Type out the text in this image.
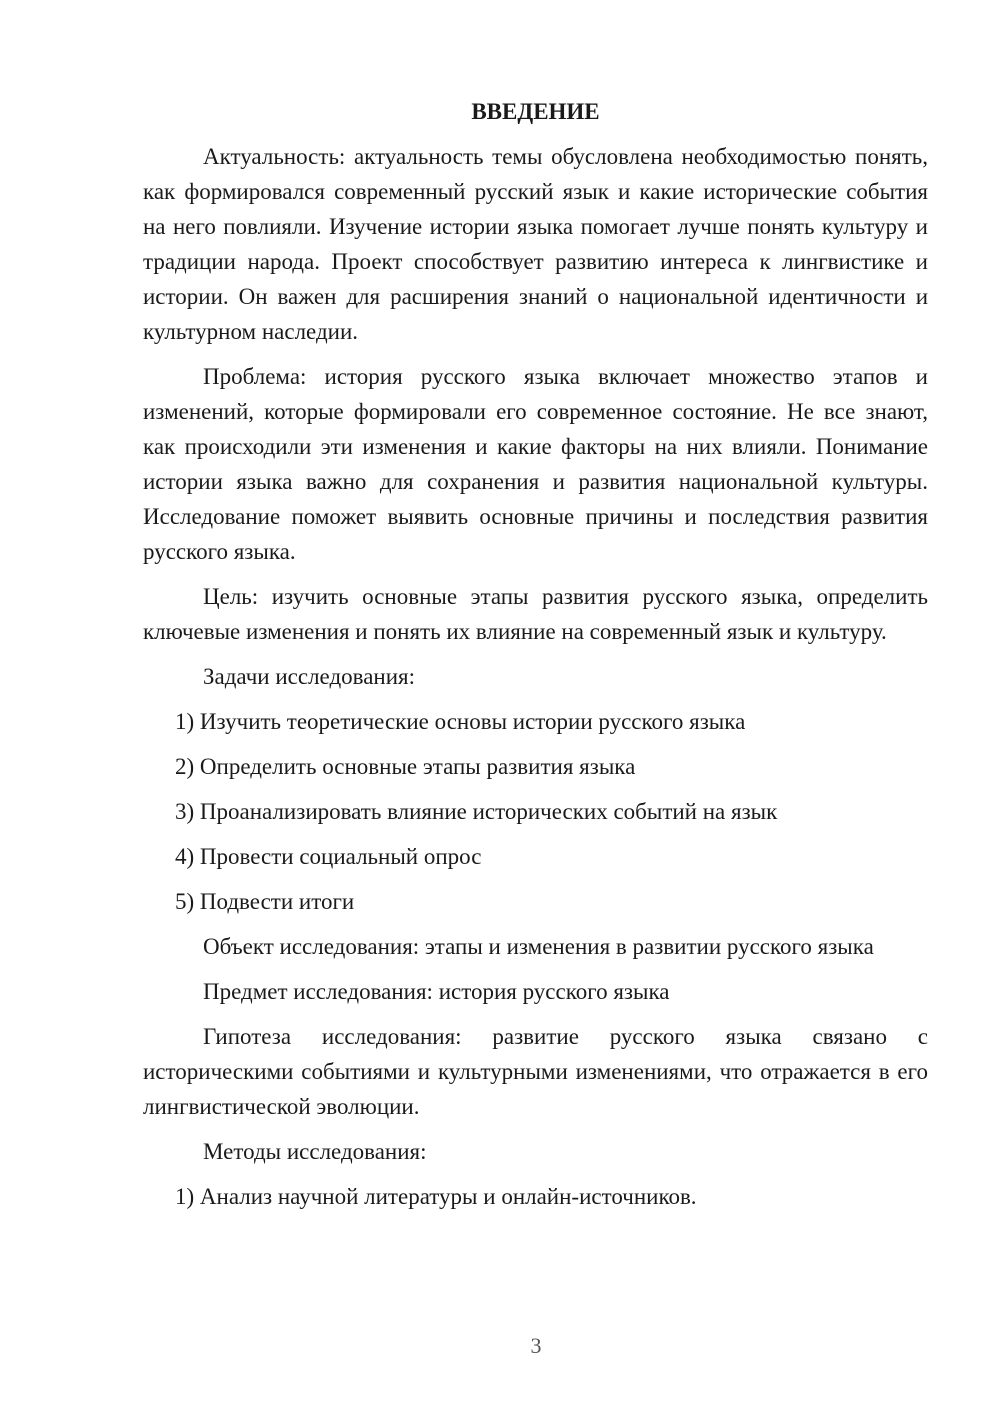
ВВЕДЕНИЕ

Актуальность: актуальность темы обусловлена необходимостью понять, как формировался современный русский язык и какие исторические события на него повлияли. Изучение истории языка помогает лучше понять культуру и традиции народа. Проект способствует развитию интереса к лингвистике и истории. Он важен для расширения знаний о национальной идентичности и культурном наследии.

Проблема: история русского языка включает множество этапов и изменений, которые формировали его современное состояние. Не все знают, как происходили эти изменения и какие факторы на них влияли. Понимание истории языка важно для сохранения и развития национальной культуры. Исследование поможет выявить основные причины и последствия развития русского языка.

Цель: изучить основные этапы развития русского языка, определить ключевые изменения и понять их влияние на современный язык и культуру.

Задачи исследования:

1) Изучить теоретические основы истории русского языка

2) Определить основные этапы развития языка

3) Проанализировать влияние исторических событий на язык

4) Провести социальный опрос

5) Подвести итоги

Объект исследования: этапы и изменения в развитии русского языка

Предмет исследования: история русского языка

Гипотеза исследования: развитие русского языка связано с историческими событиями и культурными изменениями, что отражается в его лингвистической эволюции.

Методы исследования:

1) Анализ научной литературы и онлайн-источников.

3
